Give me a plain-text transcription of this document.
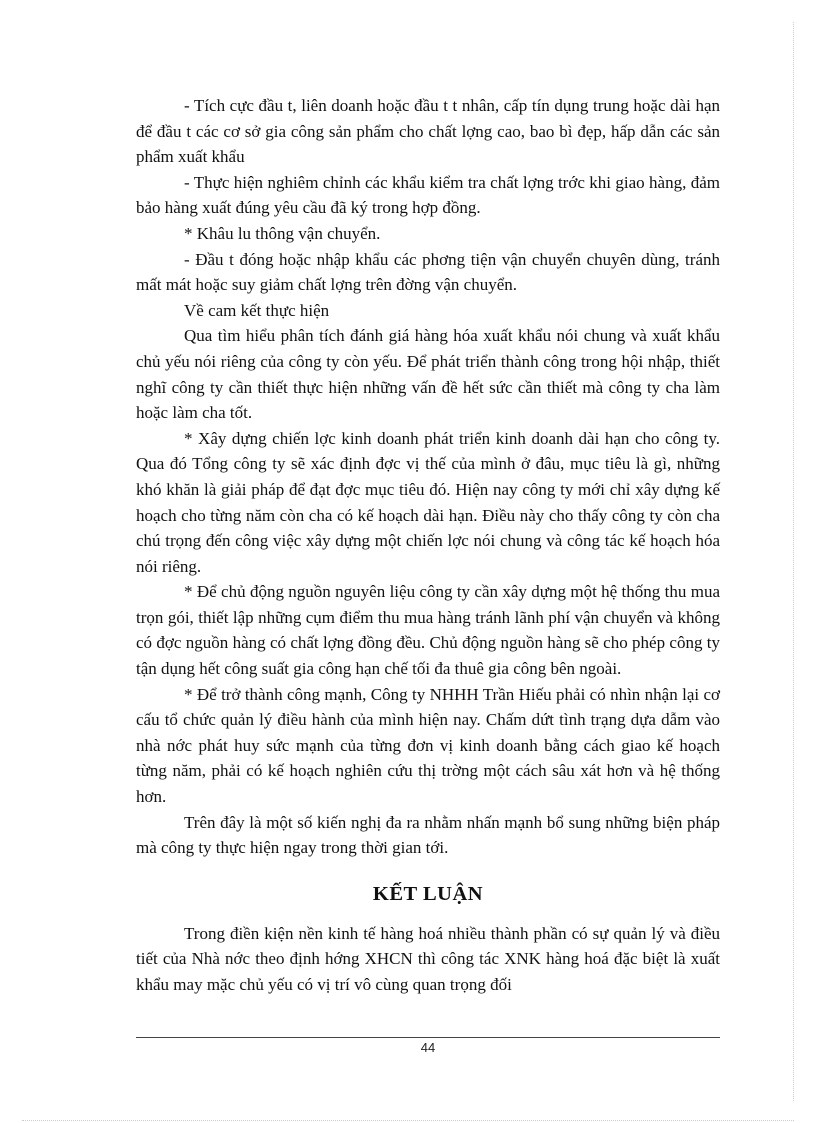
- Tích cực đầu t, liên doanh hoặc đầu t t nhân, cấp tín dụng trung hoặc dài hạn để đầu t các cơ sở gia công sản phẩm cho chất lợng cao, bao bì đẹp, hấp dẫn các sản phẩm xuất khẩu

- Thực hiện nghiêm chỉnh các khẩu kiểm tra chất lợng trớc khi giao hàng, đảm bảo hàng xuất đúng yêu cầu đã ký trong hợp đồng.

* Khâu lu thông vận chuyển.

- Đầu t đóng hoặc nhập khẩu các phơng tiện vận chuyển chuyên dùng, tránh mất mát hoặc suy giảm chất lợng trên đờng vận chuyển.

Về cam kết thực hiện

Qua tìm hiểu phân tích đánh giá hàng hóa xuất khẩu nói chung và xuất khẩu chủ yếu nói riêng của công ty còn yếu. Để phát triển thành công trong hội nhập, thiết nghĩ công ty cần thiết thực hiện những vấn đề hết sức cần thiết mà công ty cha làm hoặc làm cha tốt.

* Xây dựng chiến lợc kinh doanh phát triển kinh doanh dài hạn cho công ty. Qua đó Tổng công ty sẽ xác định đợc vị thế của mình ở đâu, mục tiêu là gì, những khó khăn là giải pháp để đạt đợc mục tiêu đó. Hiện nay công ty mới chỉ xây dựng kế hoạch cho từng năm còn cha có kế hoạch dài hạn. Điều này cho thấy công ty còn cha chú trọng đến công việc xây dựng một chiến lợc nói chung và công tác kế hoạch hóa nói riêng.

* Để chủ động nguồn nguyên liệu công ty cần xây dựng một hệ thống thu mua trọn gói, thiết lập những cụm điểm thu mua hàng tránh lãnh phí vận chuyển và không có đợc nguồn hàng có chất lợng đồng đều. Chủ động nguồn hàng sẽ cho phép công ty tận dụng hết công suất gia công hạn chế tối đa thuê gia công bên ngoài.

* Để trở thành công mạnh, Công ty NHHH Trần Hiếu phải có nhìn nhận lại cơ cấu tổ chức quản lý điều hành của mình hiện nay. Chấm dứt tình trạng dựa dẫm vào nhà nớc phát huy sức mạnh của từng đơn vị kinh doanh bằng cách giao kế hoạch từng năm, phải có kế hoạch nghiên cứu thị trờng một cách sâu xát hơn và hệ thống hơn.

Trên đây là một số kiến nghị đa ra nhằm nhấn mạnh bổ sung những biện pháp mà công ty thực hiện ngay trong thời gian tới.

KẾT LUẬN

Trong điền kiện nền kinh tế hàng hoá nhiều thành phần có sự quản lý và điều tiết của Nhà nớc theo định hớng XHCN thì công tác XNK hàng hoá đặc biệt là xuất khẩu may mặc chủ yếu có vị trí vô cùng quan trọng đối

44
